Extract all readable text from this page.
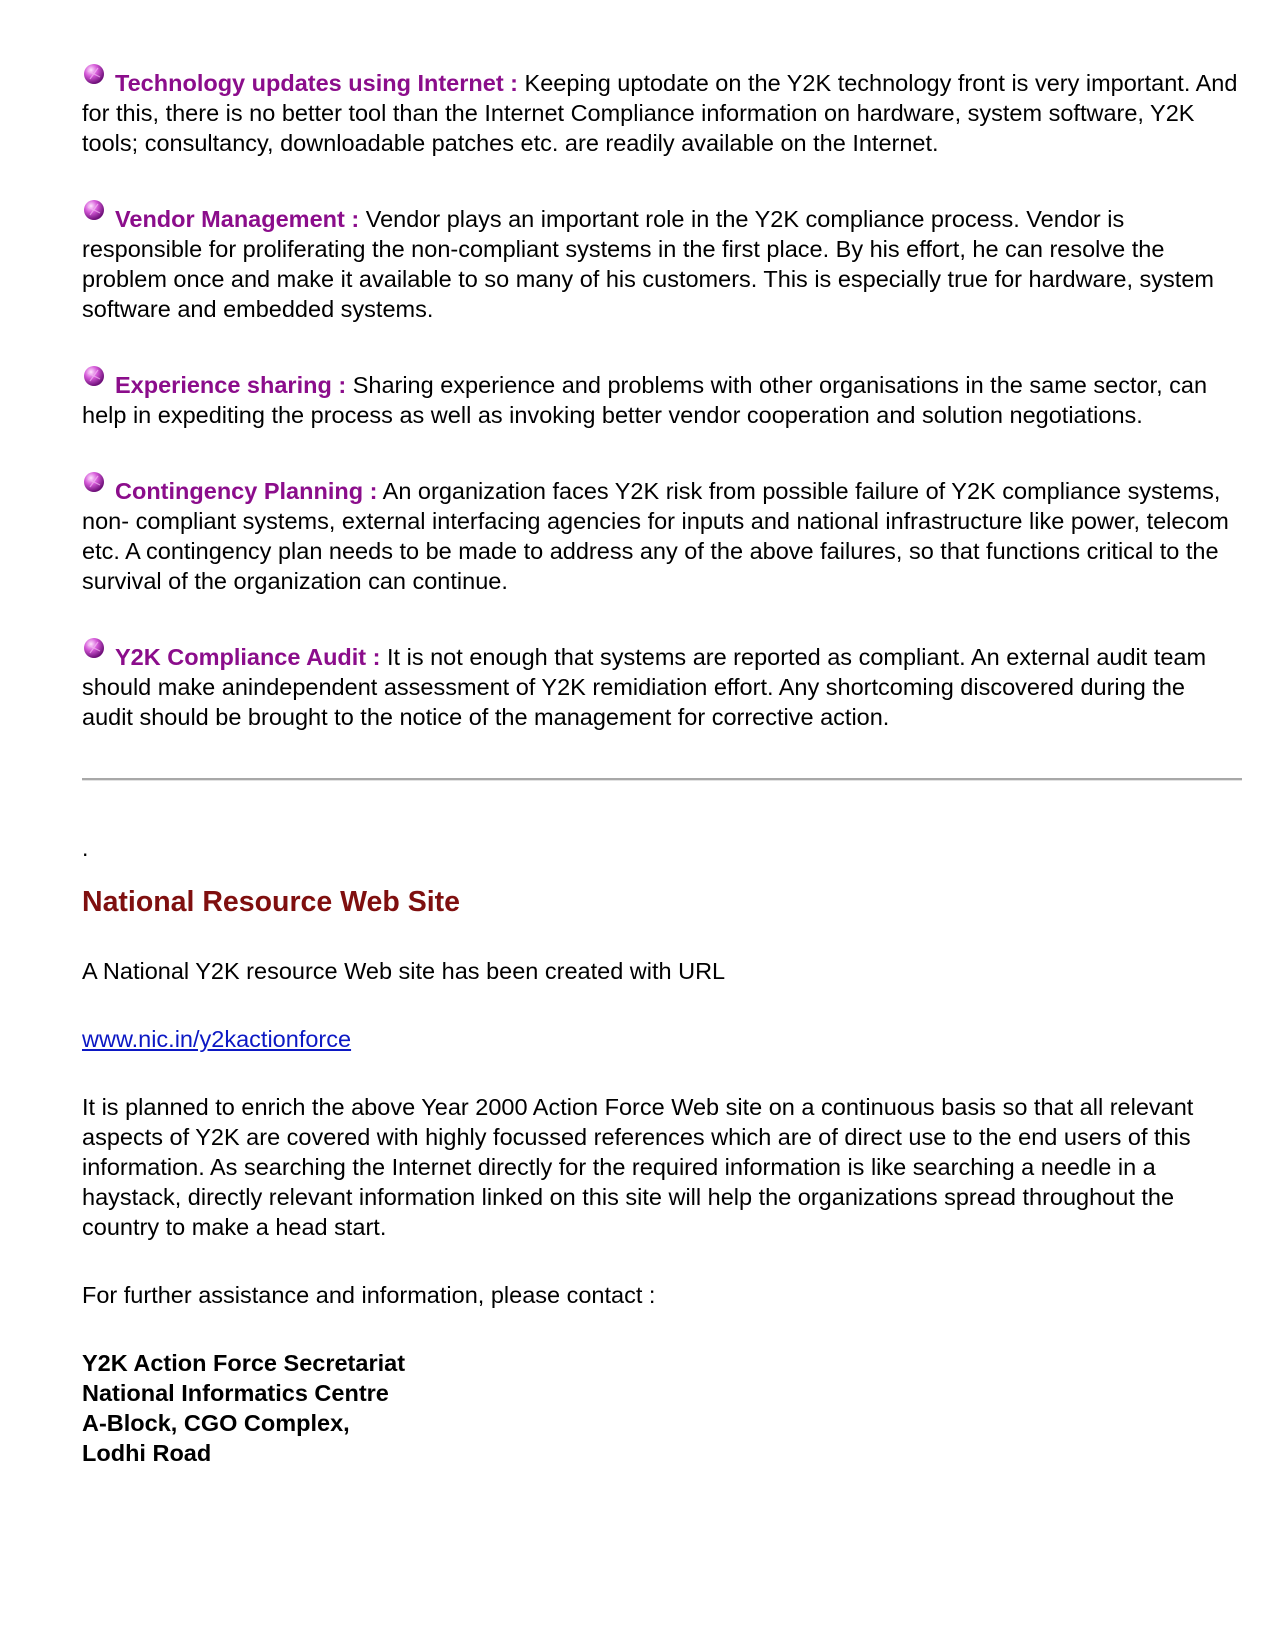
Technology updates using Internet : Keeping uptodate on the Y2K technology front is very important. And for this, there is no better tool than the Internet Compliance information on hardware, system software, Y2K tools; consultancy, downloadable patches etc. are readily available on the Internet.
Vendor Management : Vendor plays an important role in the Y2K compliance process. Vendor is responsible for proliferating the non-compliant systems in the first place. By his effort, he can resolve the problem once and make it available to so many of his customers. This is especially true for hardware, system software and embedded systems.
Experience sharing : Sharing experience and problems with other organisations in the same sector, can help in expediting the process as well as invoking better vendor cooperation and solution negotiations.
Contingency Planning : An organization faces Y2K risk from possible failure of Y2K compliance systems, non- compliant systems, external interfacing agencies for inputs and national infrastructure like power, telecom etc. A contingency plan needs to be made to address any of the above failures, so that functions critical to the survival of the organization can continue.
Y2K Compliance Audit : It is not enough that systems are reported as compliant. An external audit team should make anindependent assessment of Y2K remidiation effort. Any shortcoming discovered during the audit should be brought to the notice of the management for corrective action.
.
National Resource Web Site

A National Y2K resource Web site has been created with URL

www.nic.in/y2kactionforce

It is planned to enrich the above Year 2000 Action Force Web site on a continuous basis so that all relevant aspects of Y2K are covered with highly focussed references which are of direct use to the end users of this information. As searching the Internet directly for the required information is like searching a needle in a haystack, directly relevant information linked on this site will help the organizations spread throughout the country to make a head start.

For further assistance and information, please contact :

Y2K Action Force Secretariat
National Informatics Centre
A-Block, CGO Complex,
Lodhi Road
